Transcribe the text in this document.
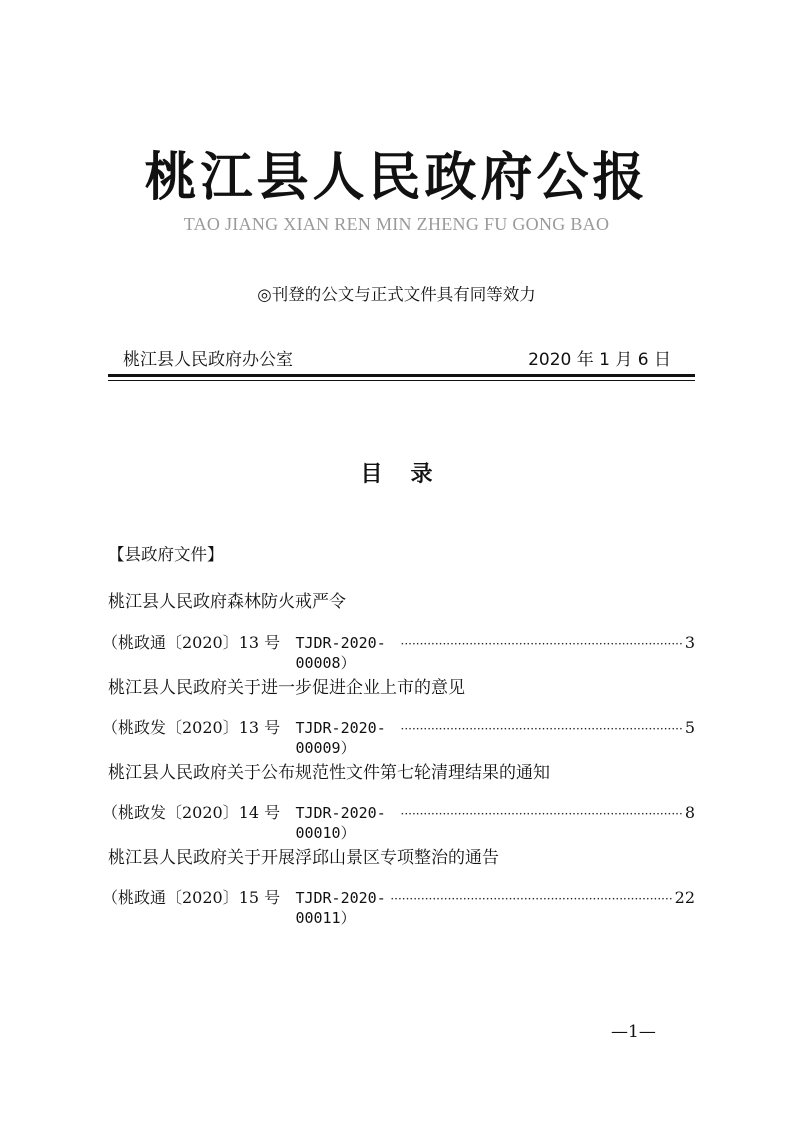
桃江县人民政府公报
TAO JIANG XIAN REN MIN ZHENG FU GONG BAO
◎刊登的公文与正式文件具有同等效力
桃江县人民政府办公室	2020 年 1 月 6 日
目录
【县政府文件】
桃江县人民政府森林防火戒严令
（桃政通〔2020〕13 号 TJDR-2020-00008）
·········································································· 3
桃江县人民政府关于进一步促进企业上市的意见
（桃政发〔2020〕13 号 TJDR-2020-00009）
·········································································· 5
桃江县人民政府关于公布规范性文件第七轮清理结果的通知
（桃政发〔2020〕14 号 TJDR-2020-00010）
·········································································· 8
桃江县人民政府关于开展浮邱山景区专项整治的通告
（桃政通〔2020〕15 号 TJDR-2020-00011）
·········································································· 22
—1—
